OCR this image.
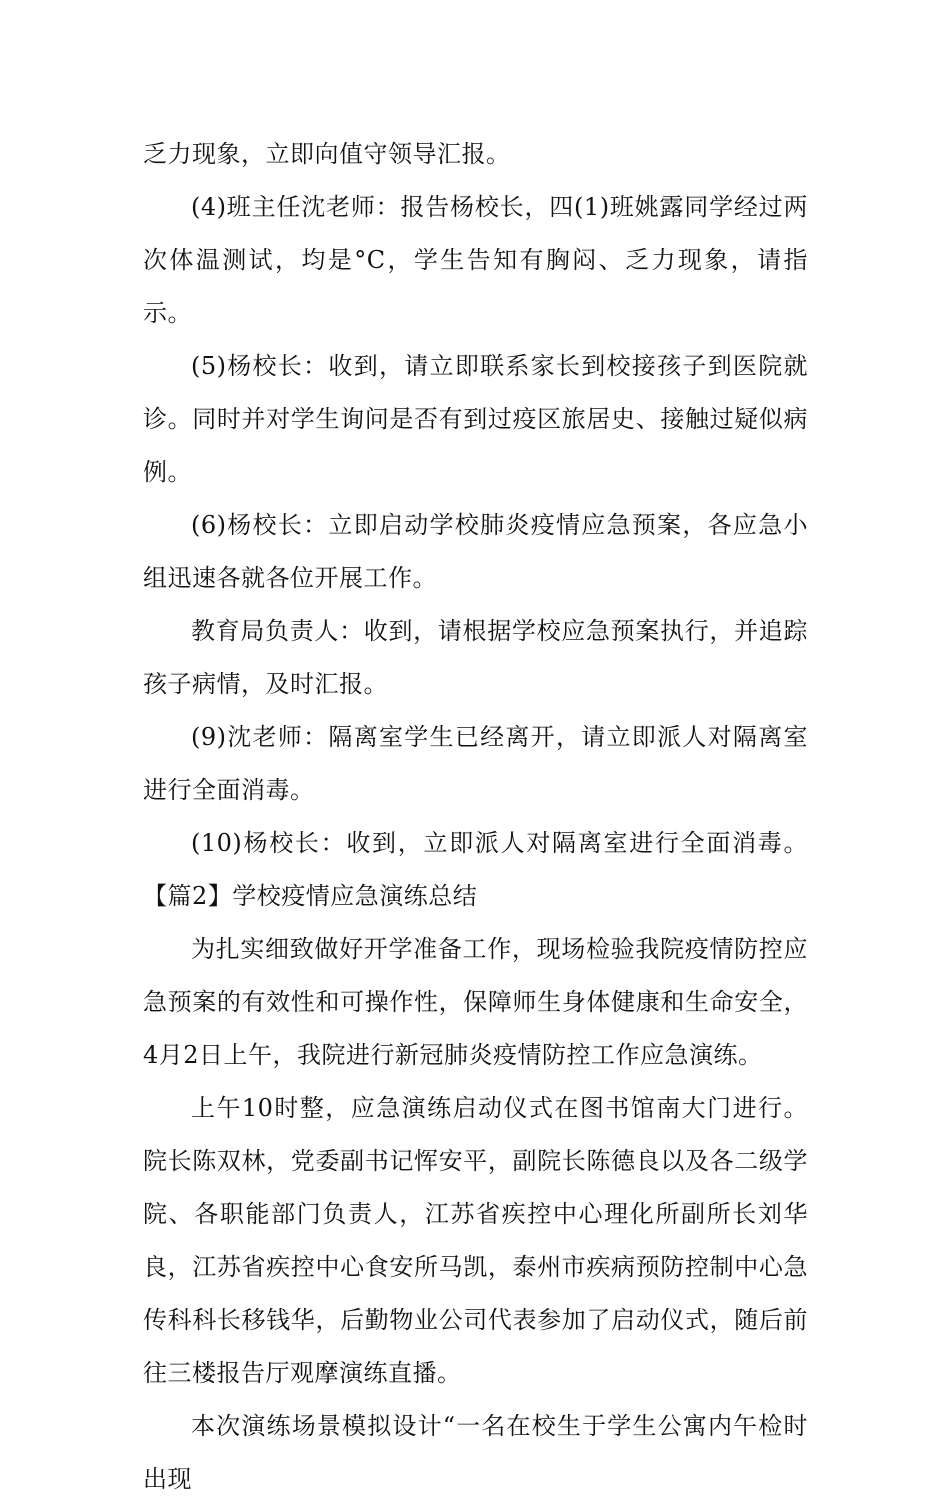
乏力现象，立即向值守领导汇报。

(4)班主任沈老师：报告杨校长，四(1)班姚露同学经过两次体温测试，均是°C，学生告知有胸闷、乏力现象，请指示。

(5)杨校长：收到，请立即联系家长到校接孩子到医院就诊。同时并对学生询问是否有到过疫区旅居史、接触过疑似病例。

(6)杨校长：立即启动学校肺炎疫情应急预案，各应急小组迅速各就各位开展工作。

教育局负责人：收到，请根据学校应急预案执行，并追踪孩子病情，及时汇报。

(9)沈老师：隔离室学生已经离开，请立即派人对隔离室进行全面消毒。

(10)杨校长：收到，立即派人对隔离室进行全面消毒。【篇2】学校疫情应急演练总结

为扎实细致做好开学准备工作，现场检验我院疫情防控应急预案的有效性和可操作性，保障师生身体健康和生命安全，4月2日上午，我院进行新冠肺炎疫情防控工作应急演练。

上午10时整，应急演练启动仪式在图书馆南大门进行。院长陈双林，党委副书记恽安平，副院长陈德良以及各二级学院、各职能部门负责人，江苏省疾控中心理化所副所长刘华良，江苏省疾控中心食安所马凯，泰州市疾病预防控制中心急传科科长移钱华，后勤物业公司代表参加了启动仪式，随后前往三楼报告厅观摩演练直播。

本次演练场景模拟设计“一名在校生于学生公寓内午检时出现
